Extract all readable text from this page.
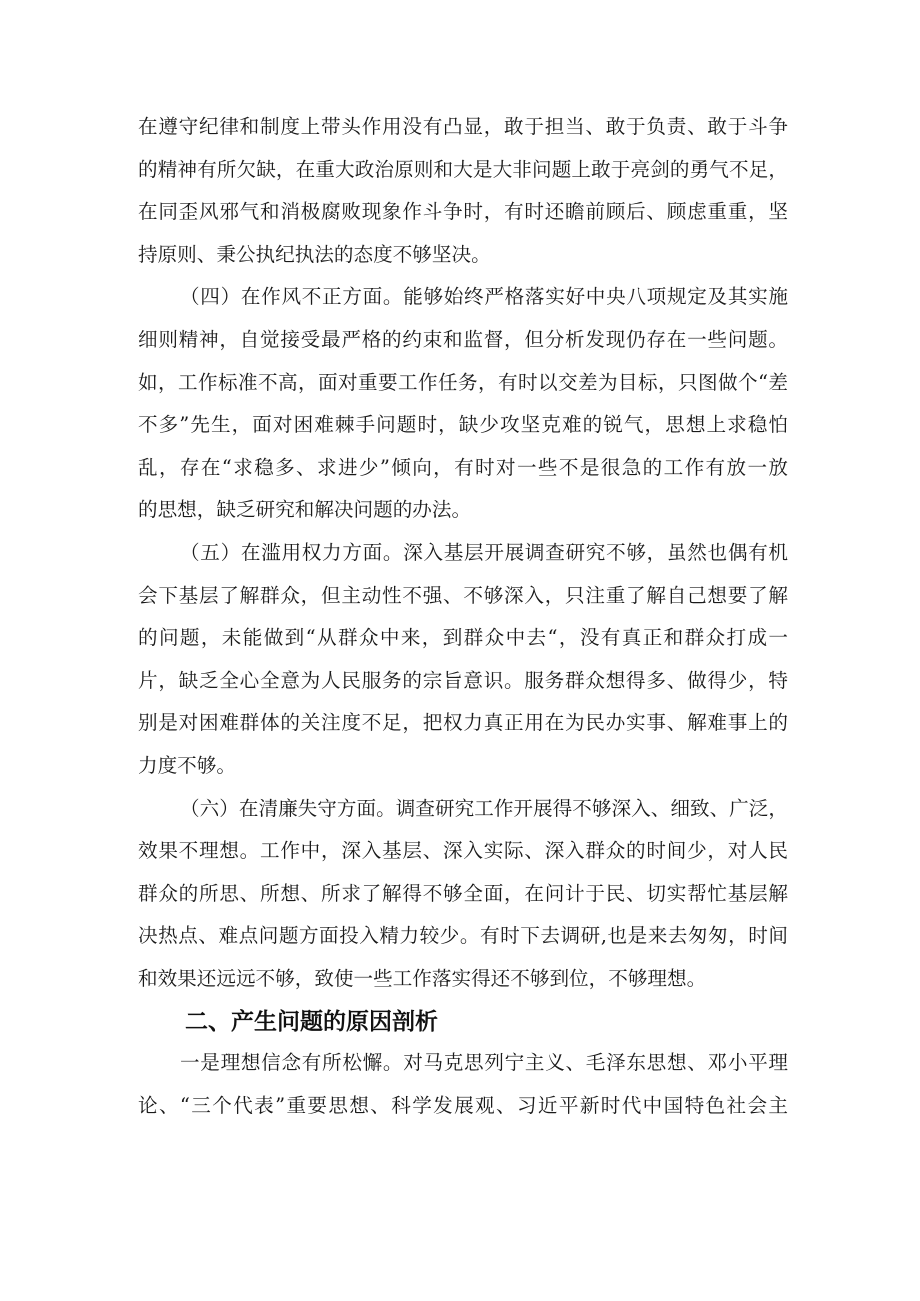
在遵守纪律和制度上带头作用没有凸显，敢于担当、敢于负责、敢于斗争
的精神有所欠缺，在重大政治原则和大是大非问题上敢于亮剑的勇气不足，
在同歪风邪气和消极腐败现象作斗争时，有时还瞻前顾后、顾虑重重，坚
持原则、秉公执纪执法的态度不够坚决。
（四）在作风不正方面。能够始终严格落实好中央八项规定及其实施
细则精神，自觉接受最严格的约束和监督，但分析发现仍存在一些问题。
如，工作标准不高，面对重要工作任务，有时以交差为目标，只图做个“差
不多”先生，面对困难棘手问题时，缺少攻坚克难的锐气，思想上求稳怕
乱，存在“求稳多、求进少”倾向，有时对一些不是很急的工作有放一放
的思想，缺乏研究和解决问题的办法。
（五）在滥用权力方面。深入基层开展调查研究不够，虽然也偶有机
会下基层了解群众，但主动性不强、不够深入，只注重了解自己想要了解
的问题，未能做到“从群众中来，到群众中去“，没有真正和群众打成一
片，缺乏全心全意为人民服务的宗旨意识。服务群众想得多、做得少，特
别是对困难群体的关注度不足，把权力真正用在为民办实事、解难事上的
力度不够。
（六）在清廉失守方面。调查研究工作开展得不够深入、细致、广泛，
效果不理想。工作中，深入基层、深入实际、深入群众的时间少，对人民
群众的所思、所想、所求了解得不够全面，在问计于民、切实帮忙基层解
决热点、难点问题方面投入精力较少。有时下去调研,也是来去匆匆，时间
和效果还远远不够，致使一些工作落实得还不够到位，不够理想。
二、产生问题的原因剖析
一是理想信念有所松懈。对马克思列宁主义、毛泽东思想、邓小平理
论、“三个代表”重要思想、科学发展观、习近平新时代中国特色社会主
